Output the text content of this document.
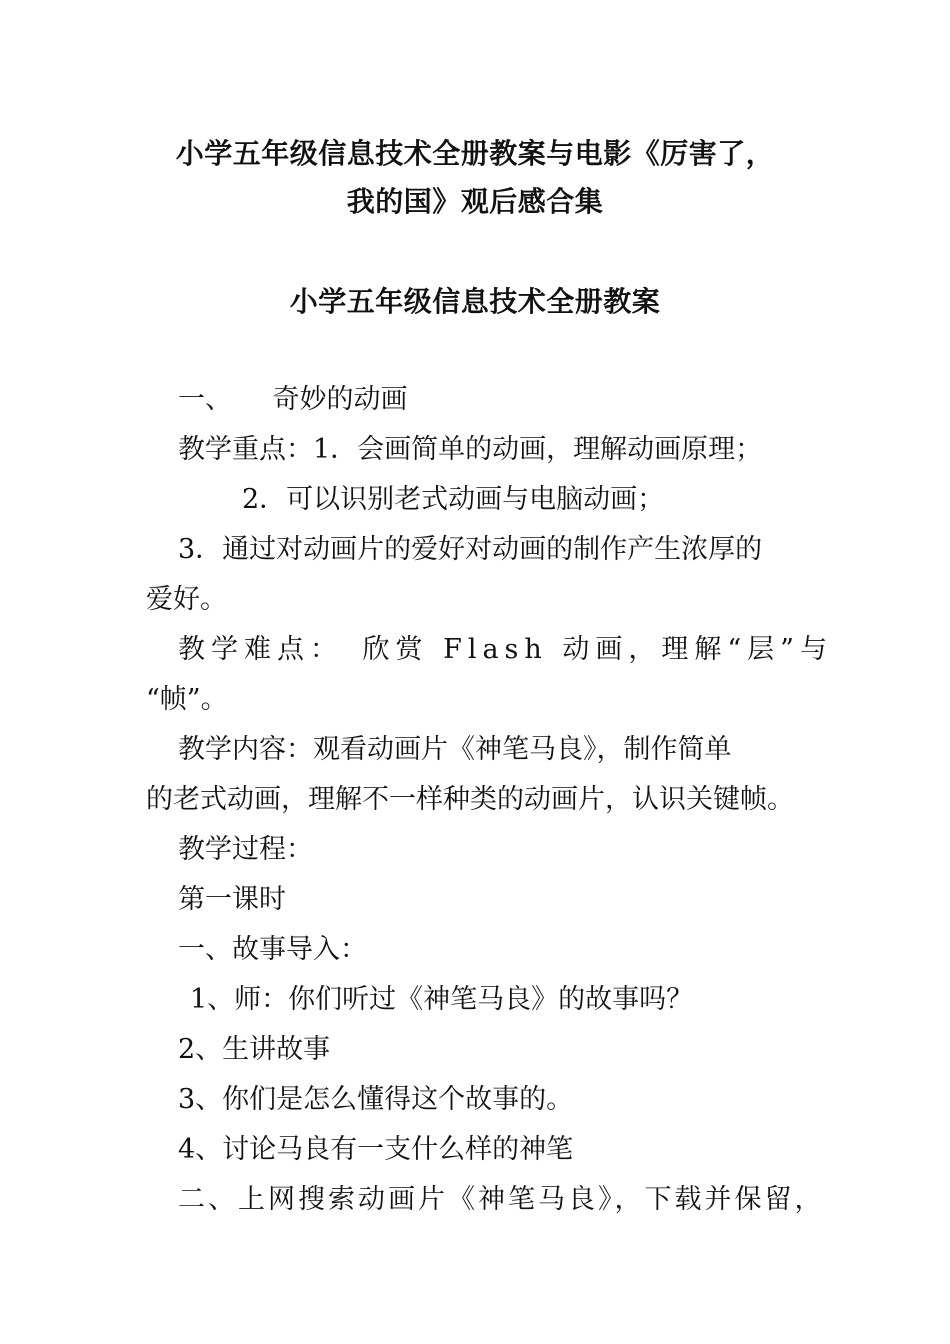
小学五年级信息技术全册教案与电影《厉害了，
我的国》观后感合集
小学五年级信息技术全册教案
一、　　奇妙的动画
教学重点：1．会画简单的动画，理解动画原理；
2．可以识别老式动画与电脑动画；
3．通过对动画片的爱好对动画的制作产生浓厚的
爱好。
教学难点：　欣赏 Flash 动画，理解“层”与
“帧”。
教学内容：观看动画片《神笔马良》，制作简单
的老式动画，理解不一样种类的动画片，认识关键帧。
教学过程：
第一课时
一、故事导入：
1、师：你们听过《神笔马良》的故事吗？
2、生讲故事
3、你们是怎么懂得这个故事的。
4、讨论马良有一支什么样的神笔
二、上网搜索动画片《神笔马良》，下载并保留，
